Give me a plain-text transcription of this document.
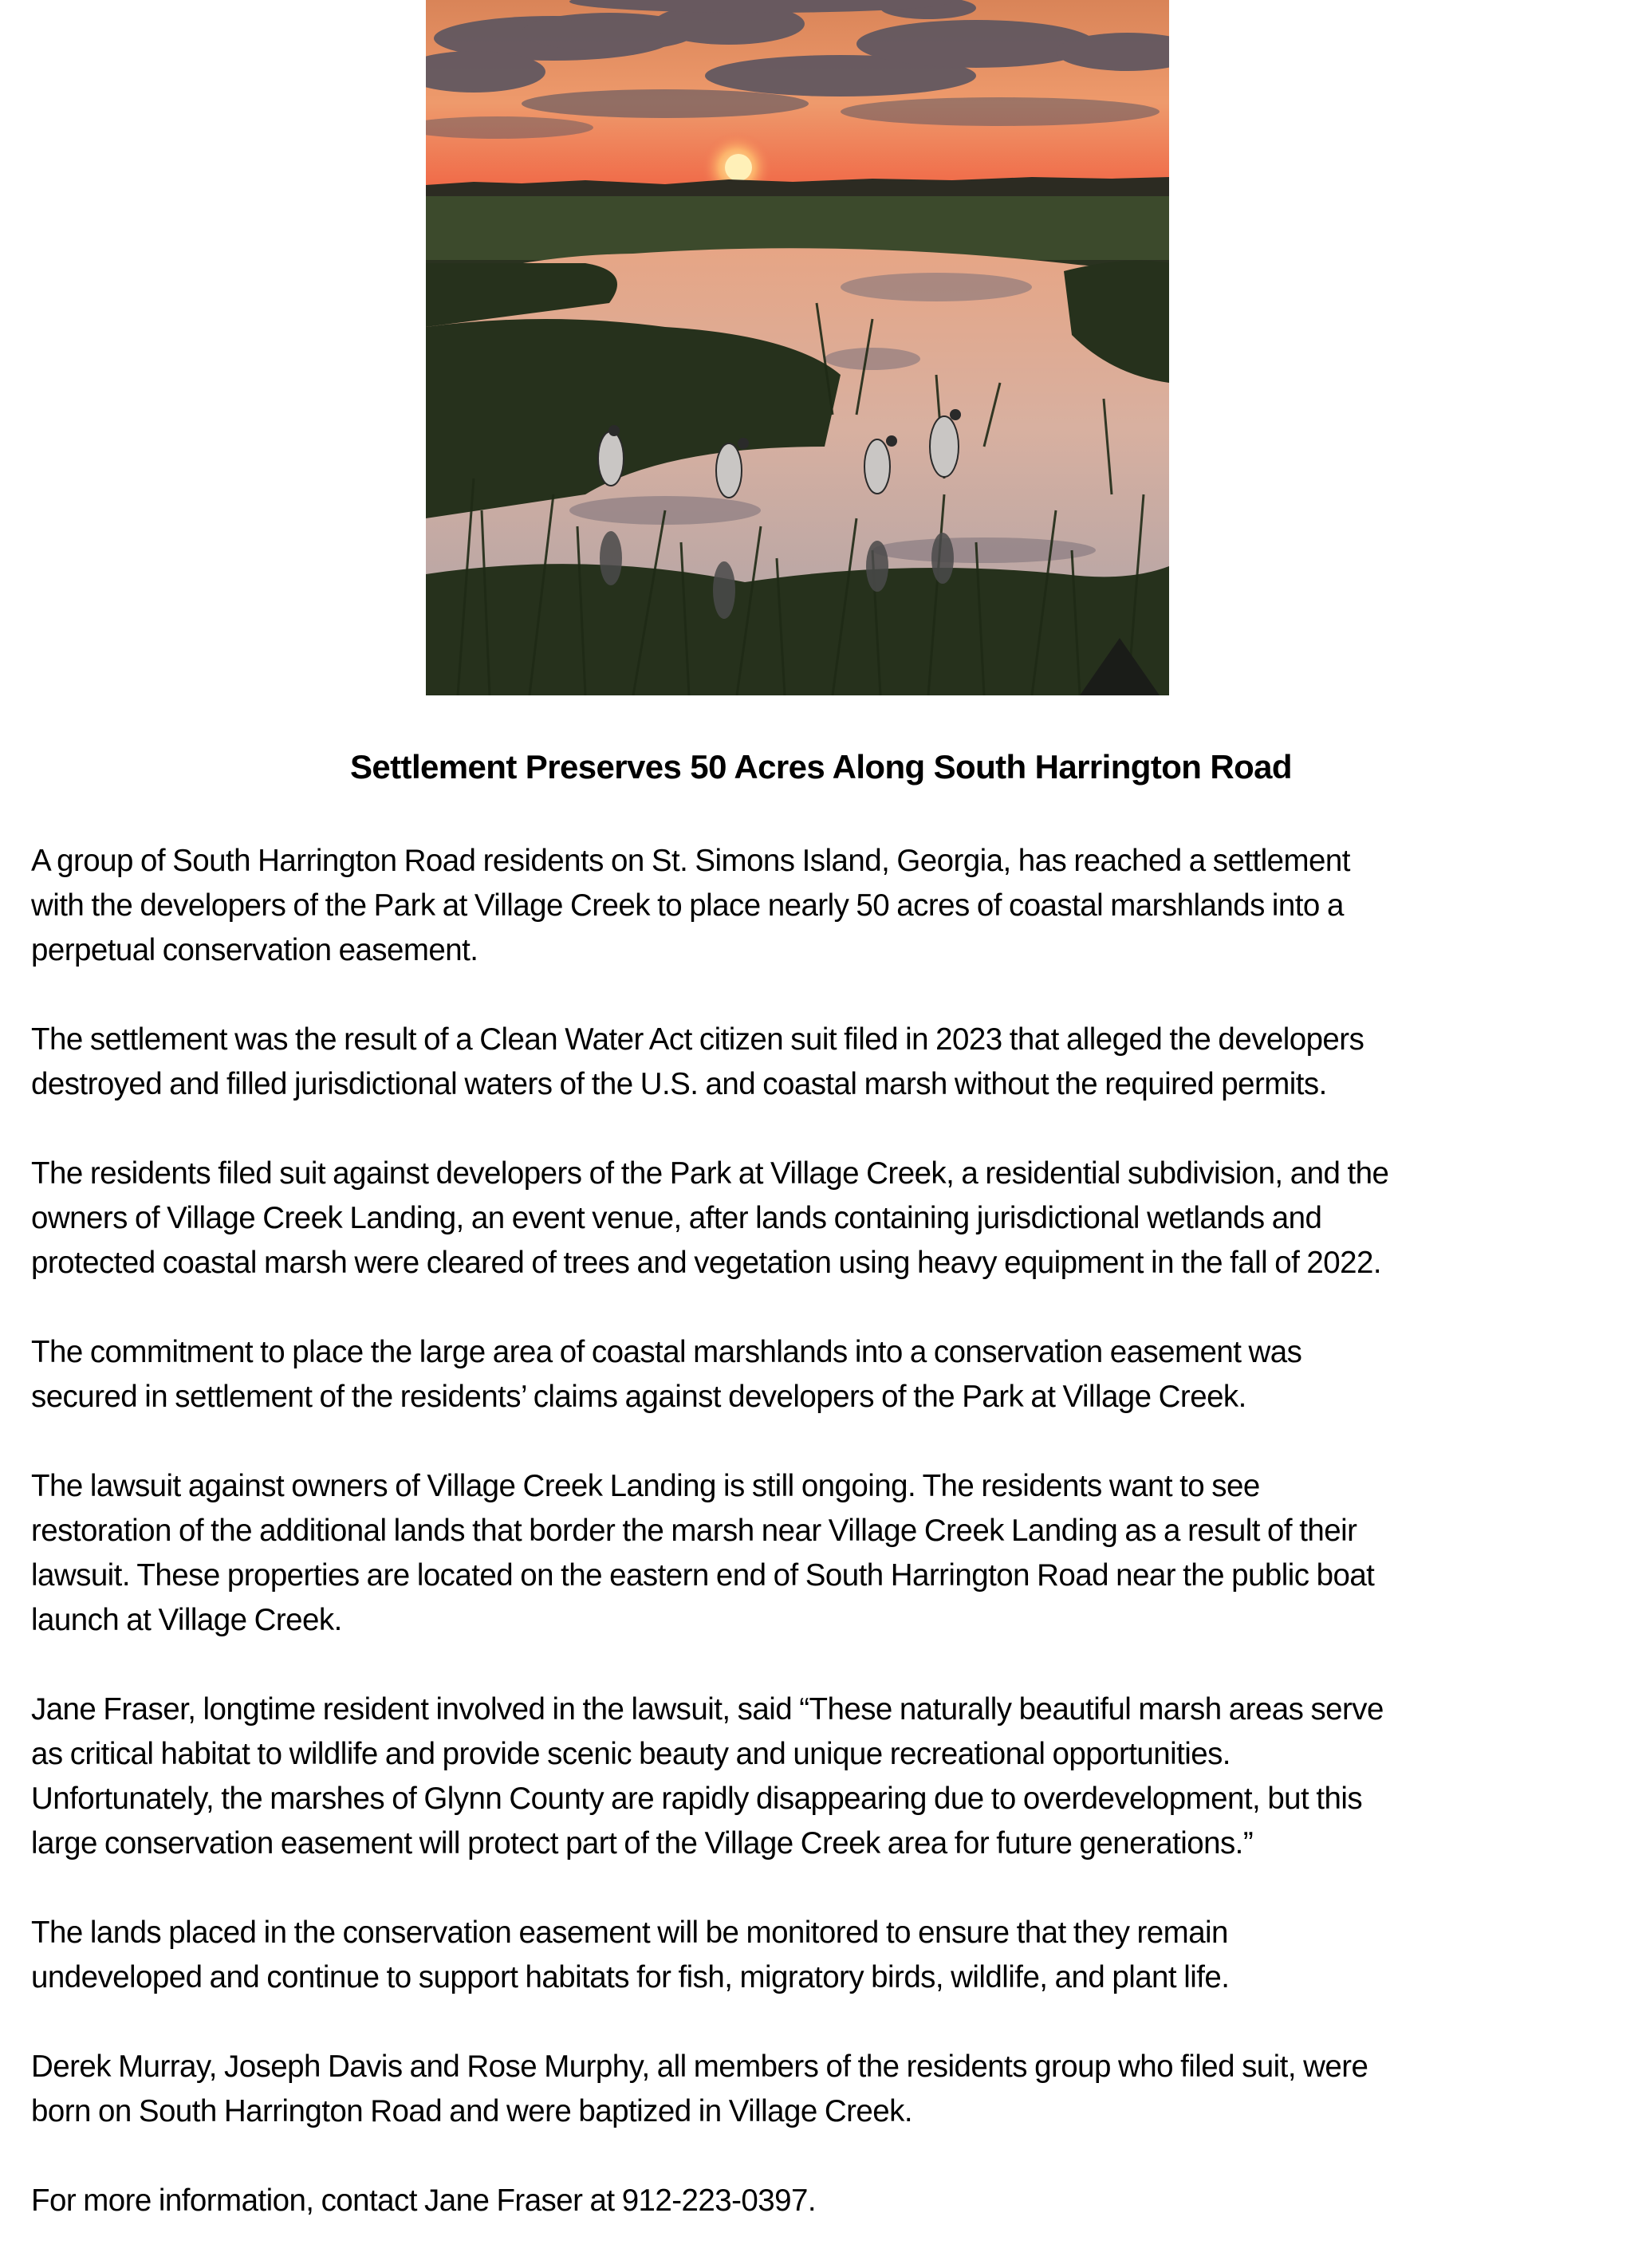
Settlement Preserves 50 Acres Along South Harrington Road

A group of South Harrington Road residents on St. Simons Island, Georgia, has reached a settlement
with the developers of the Park at Village Creek to place nearly 50 acres of coastal marshlands into a
perpetual conservation easement.

The settlement was the result of a Clean Water Act citizen suit filed in 2023 that alleged the developers
destroyed and filled jurisdictional waters of the U.S. and coastal marsh without the required permits.

The residents filed suit against developers of the Park at Village Creek, a residential subdivision, and the
owners of Village Creek Landing, an event venue, after lands containing jurisdictional wetlands and
protected coastal marsh were cleared of trees and vegetation using heavy equipment in the fall of 2022.

The commitment to place the large area of coastal marshlands into a conservation easement was
secured in settlement of the residents’ claims against developers of the Park at Village Creek.

The lawsuit against owners of Village Creek Landing is still ongoing. The residents want to see
restoration of the additional lands that border the marsh near Village Creek Landing as a result of their
lawsuit. These properties are located on the eastern end of South Harrington Road near the public boat
launch at Village Creek.

Jane Fraser, longtime resident involved in the lawsuit, said “These naturally beautiful marsh areas serve
as critical habitat to wildlife and provide scenic beauty and unique recreational opportunities.
Unfortunately, the marshes of Glynn County are rapidly disappearing due to overdevelopment, but this
large conservation easement will protect part of the Village Creek area for future generations.”

The lands placed in the conservation easement will be monitored to ensure that they remain
undeveloped and continue to support habitats for fish, migratory birds, wildlife, and plant life.

Derek Murray, Joseph Davis and Rose Murphy, all members of the residents group who filed suit, were
born on South Harrington Road and were baptized in Village Creek.

For more information, contact Jane Fraser at 912-223-0397.
